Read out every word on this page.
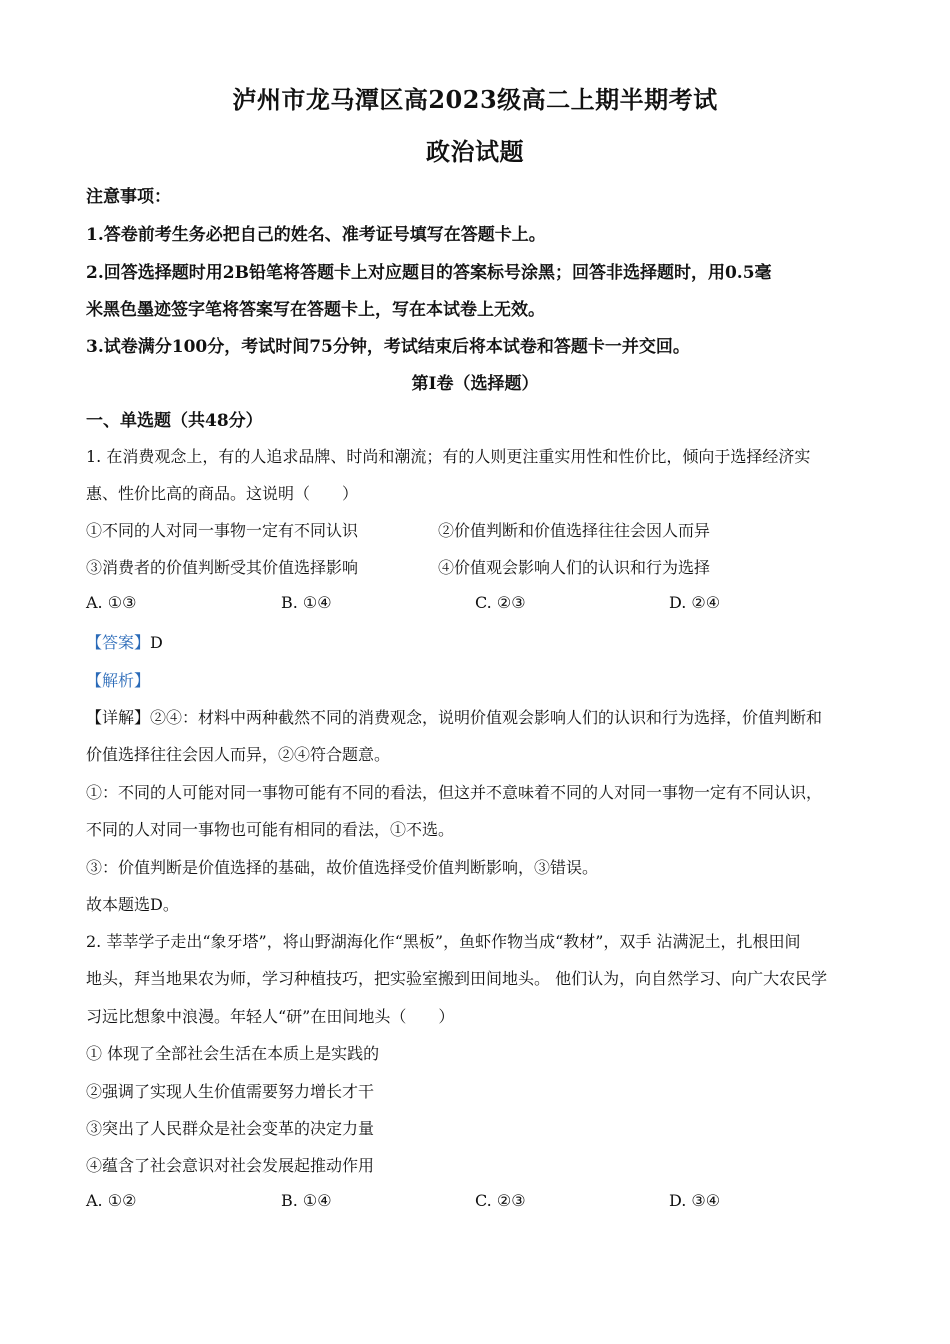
泸州市龙马潭区高2023级高二上期半期考试
政治试题
注意事项：
1.答卷前考生务必把自己的姓名、准考证号填写在答题卡上。
2.回答选择题时用2B铅笔将答题卡上对应题目的答案标号涂黑；回答非选择题时，用0.5毫
米黑色墨迹签字笔将答案写在答题卡上，写在本试卷上无效。
3.试卷满分100分，考试时间75分钟，考试结束后将本试卷和答题卡一并交回。
第I卷（选择题）
一、单选题（共48分）
1. 在消费观念上，有的人追求品牌、时尚和潮流；有的人则更注重实用性和性价比，倾向于选择经济实
惠、性价比高的商品。这说明（　　）
①不同的人对同一事物一定有不同认识	②价值判断和价值选择往往会因人而异
③消费者的价值判断受其价值选择影响	④价值观会影响人们的认识和行为选择
A. ①③	B. ①④	C. ②③	D. ②④
【答案】D
【解析】
【详解】②④：材料中两种截然不同的消费观念，说明价值观会影响人们的认识和行为选择，价值判断和
价值选择往往会因人而异，②④符合题意。
①：不同的人可能对同一事物可能有不同的看法，但这并不意味着不同的人对同一事物一定有不同认识，
不同的人对同一事物也可能有相同的看法，①不选。
③：价值判断是价值选择的基础，故价值选择受价值判断影响，③错误。
故本题选D。
2. 莘莘学子走出“象牙塔”，将山野湖海化作“黑板”，鱼虾作物当成“教材”，双手 沾满泥土，扎根田间
地头，拜当地果农为师，学习种植技巧，把实验室搬到田间地头。 他们认为，向自然学习、向广大农民学
习远比想象中浪漫。年轻人“研”在田间地头（　　）
① 体现了全部社会生活在本质上是实践的
②强调了实现人生价值需要努力增长才干
③突出了人民群众是社会变革的决定力量
④蕴含了社会意识对社会发展起推动作用
A. ①②	B. ①④	C. ②③	D. ③④
